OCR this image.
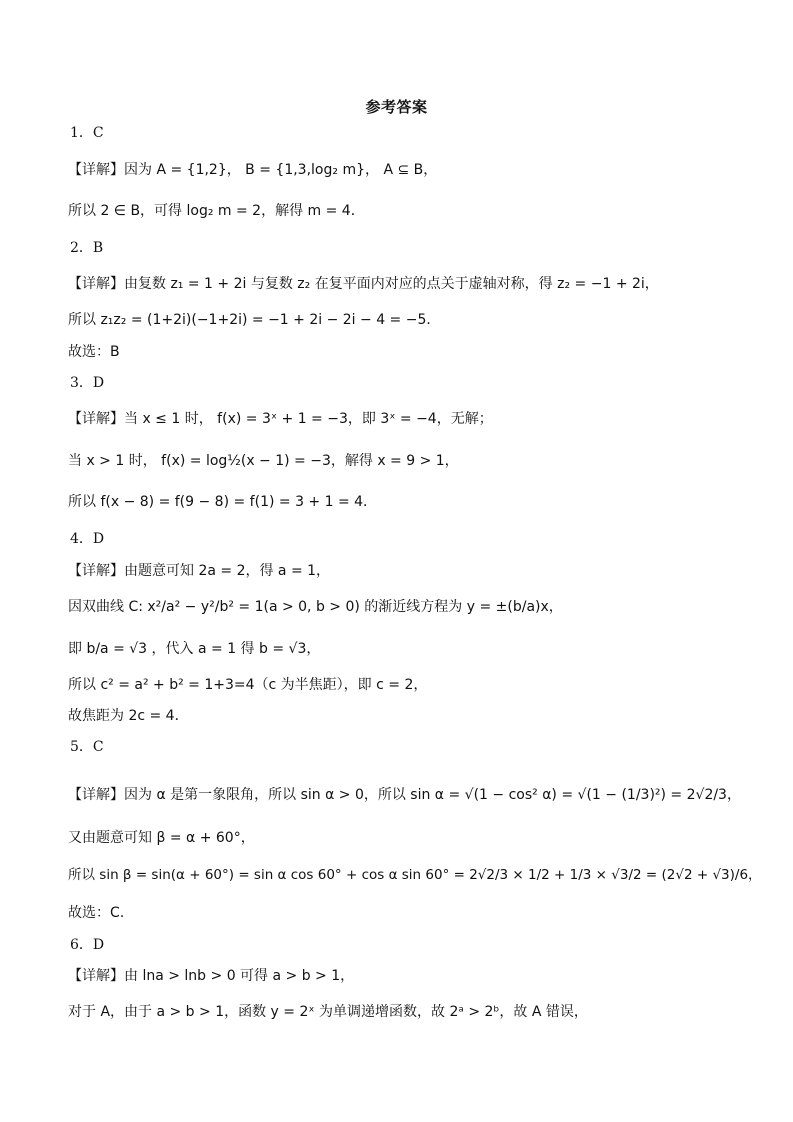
参考答案
1．C
【详解】因为 A = {1,2}， B = {1,3,log₂ m}， A ⊆ B，
所以 2 ∈ B，可得 log₂ m = 2，解得 m = 4．
2．B
【详解】由复数 z₁ = 1 + 2i 与复数 z₂ 在复平面内对应的点关于虚轴对称，得 z₂ = −1 + 2i，
所以 z₁z₂ = (1+2i)(−1+2i) = −1 + 2i − 2i − 4 = −5．
故选：B
3．D
【详解】当 x ≤ 1 时， f(x) = 3ˣ + 1 = −3，即 3ˣ = −4，无解；
当 x > 1 时， f(x) = log½(x − 1) = −3，解得 x = 9 > 1，
所以 f(x − 8) = f(9 − 8) = f(1) = 3 + 1 = 4．
4．D
【详解】由题意可知 2a = 2，得 a = 1，
因双曲线 C: x²/a² − y²/b² = 1(a > 0, b > 0) 的渐近线方程为 y = ±(b/a)x，
即 b/a = √3 ，代入 a = 1 得 b = √3，
所以 c² = a² + b² = 1+3=4（c 为半焦距），即 c = 2，
故焦距为 2c = 4．
5．C
【详解】因为 α 是第一象限角，所以 sin α > 0，所以 sin α = √(1 − cos² α) = √(1 − (1/3)²) = 2√2/3，
又由题意可知 β = α + 60°，
所以 sin β = sin(α + 60°) = sin α cos 60° + cos α sin 60° = 2√2/3 × 1/2 + 1/3 × √3/2 = (2√2 + √3)/6，
故选：C.
6．D
【详解】由 lna > lnb > 0 可得 a > b > 1，
对于 A，由于 a > b > 1，函数 y = 2ˣ 为单调递增函数，故 2ᵃ > 2ᵇ，故 A 错误，
